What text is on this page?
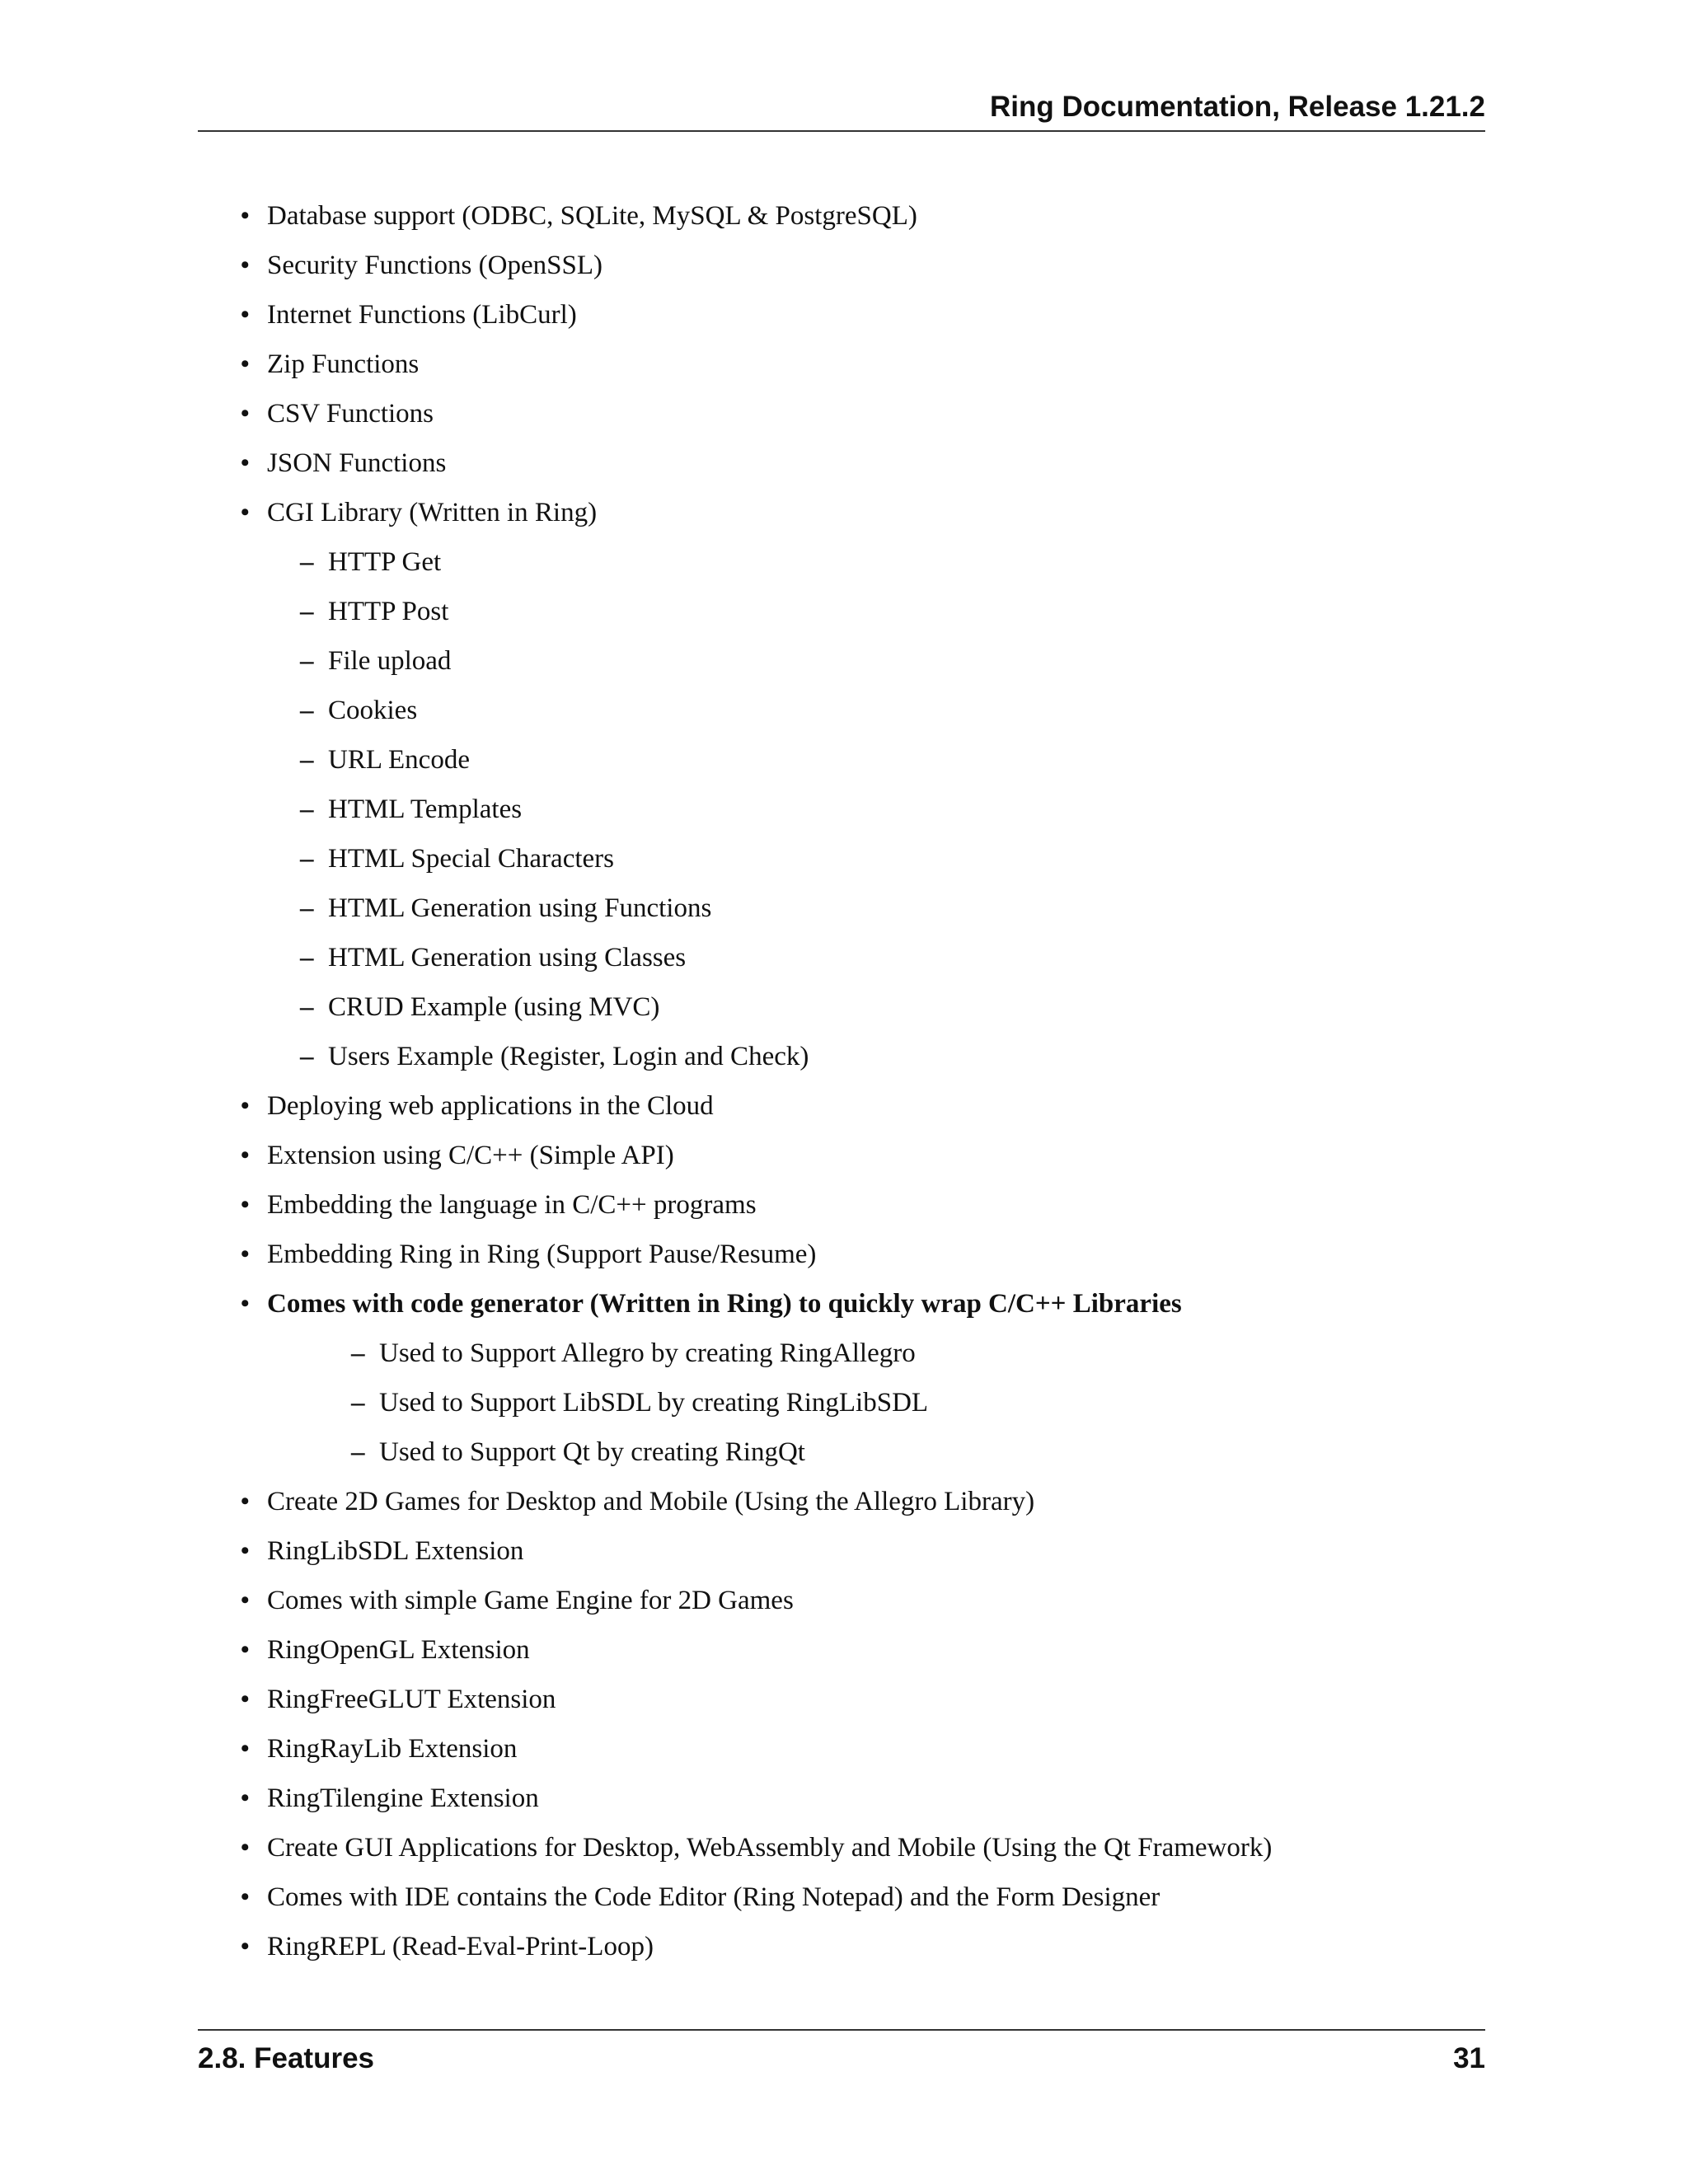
Ring Documentation, Release 1.21.2
• Database support (ODBC, SQLite, MySQL & PostgreSQL)
• Security Functions (OpenSSL)
• Internet Functions (LibCurl)
• Zip Functions
• CSV Functions
• JSON Functions
• CGI Library (Written in Ring)
– HTTP Get
– HTTP Post
– File upload
– Cookies
– URL Encode
– HTML Templates
– HTML Special Characters
– HTML Generation using Functions
– HTML Generation using Classes
– CRUD Example (using MVC)
– Users Example (Register, Login and Check)
• Deploying web applications in the Cloud
• Extension using C/C++ (Simple API)
• Embedding the language in C/C++ programs
• Embedding Ring in Ring (Support Pause/Resume)
• Comes with code generator (Written in Ring) to quickly wrap C/C++ Libraries
– Used to Support Allegro by creating RingAllegro
– Used to Support LibSDL by creating RingLibSDL
– Used to Support Qt by creating RingQt
• Create 2D Games for Desktop and Mobile (Using the Allegro Library)
• RingLibSDL Extension
• Comes with simple Game Engine for 2D Games
• RingOpenGL Extension
• RingFreeGLUT Extension
• RingRayLib Extension
• RingTilengine Extension
• Create GUI Applications for Desktop, WebAssembly and Mobile (Using the Qt Framework)
• Comes with IDE contains the Code Editor (Ring Notepad) and the Form Designer
• RingREPL (Read-Eval-Print-Loop)
2.8. Features	31
